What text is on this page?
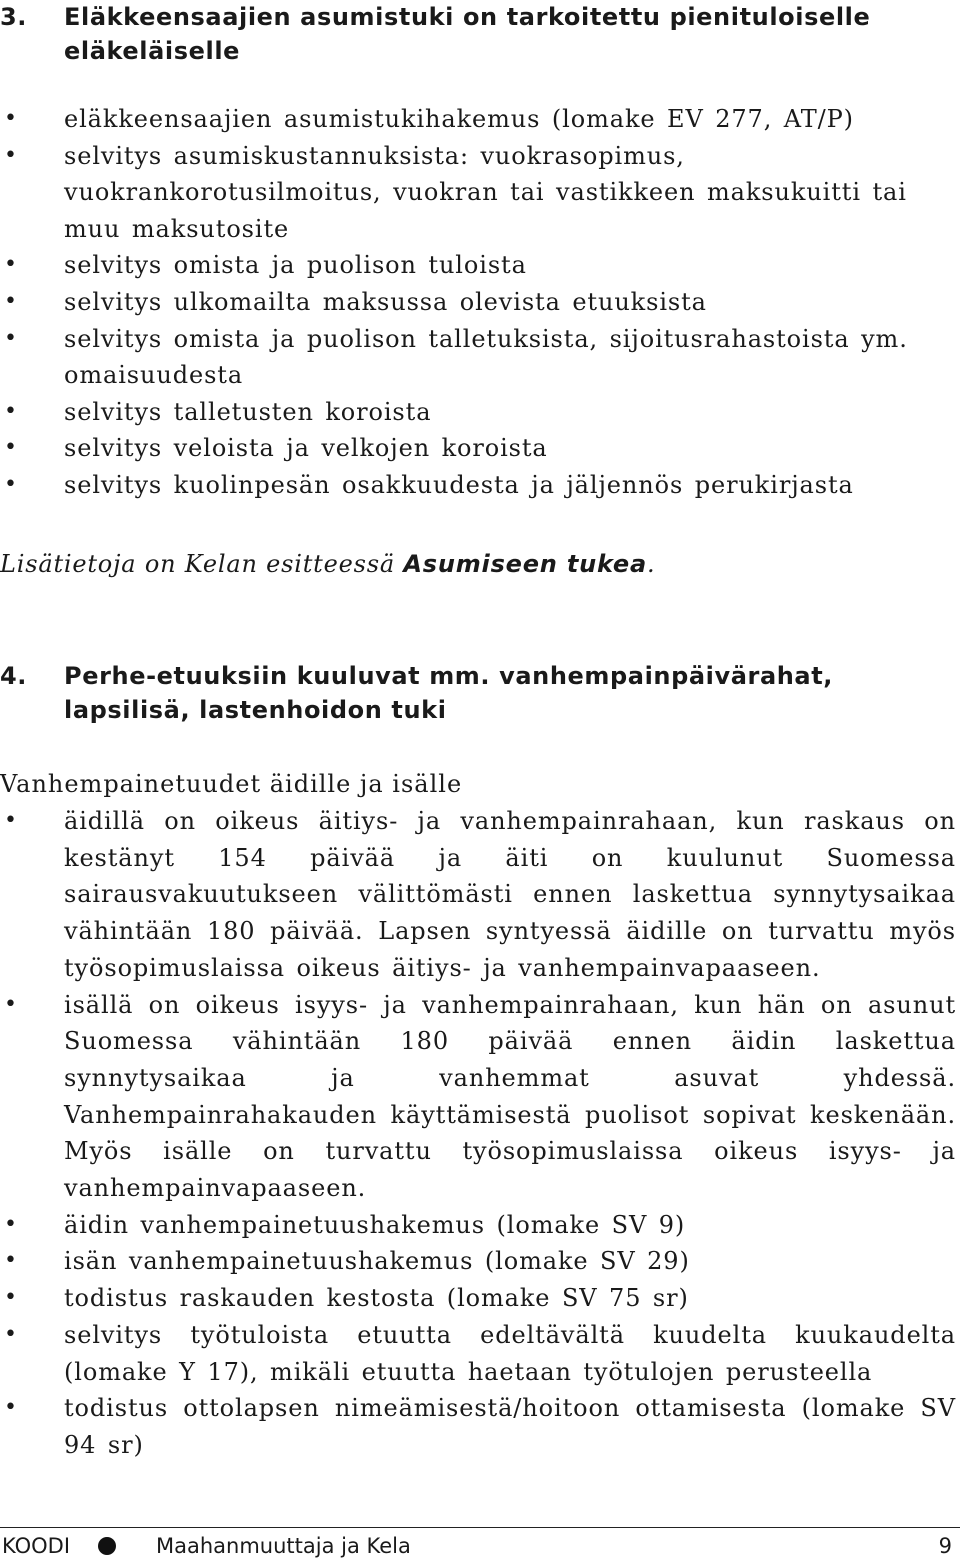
3. Eläkkeensaajien asumistuki on tarkoitettu pienituloiselle eläkeläiselle
• eläkkeensaajien asumistukihakemus (lomake EV 277, AT/P)
• selvitys asumiskustannuksista: vuokrasopimus, vuokrankorotusilmoitus, vuokran tai vastikkeen maksukuitti tai muu maksutosite
• selvitys omista ja puolison tuloista
• selvitys ulkomailta maksussa olevista etuuksista
• selvitys omista ja puolison talletuksista, sijoitusrahastoista ym. omaisuudesta
• selvitys talletusten koroista
• selvitys veloista ja velkojen koroista
• selvitys kuolinpesän osakkuudesta ja jäljennös perukirjasta

Lisätietoja on Kelan esitteessä Asumiseen tukea.

4. Perhe-etuuksiin kuuluvat mm. vanhempainpäivärahat, lapsilisä, lastenhoidon tuki
Vanhempainetuudet äidille ja isälle
• äidillä on oikeus äitiys- ja vanhempainrahaan, kun raskaus on kestänyt 154 päivää ja äiti on kuulunut Suomessa sairausvakuutukseen välittömästi ennen laskettua synnytysaikaa vähintään 180 päivää. Lapsen syntyessä äidille on turvattu myös työsopimuslaissa oikeus äitiys- ja vanhempainvapaaseen.
• isällä on oikeus isyys- ja vanhempainrahaan, kun hän on asunut Suomessa vähintään 180 päivää ennen äidin laskettua synnytysaikaa ja vanhemmat asuvat yhdessä. Vanhempainrahakauden käyttämisestä puolisot sopivat keskenään. Myös isälle on turvattu työsopimuslaissa oikeus isyys- ja vanhempainvapaaseen.
• äidin vanhempainetuushakemus (lomake SV 9)
• isän vanhempainetuushakemus (lomake SV 29)
• todistus raskauden kestosta (lomake SV 75 sr)
• selvitys työtuloista etuutta edeltävältä kuudelta kuukaudelta (lomake Y 17), mikäli etuutta haetaan työtulojen perusteella
• todistus ottolapsen nimeämisestä/hoitoon ottamisesta (lomake SV 94 sr)
KOODI	Maahanmuuttaja ja Kela	9
